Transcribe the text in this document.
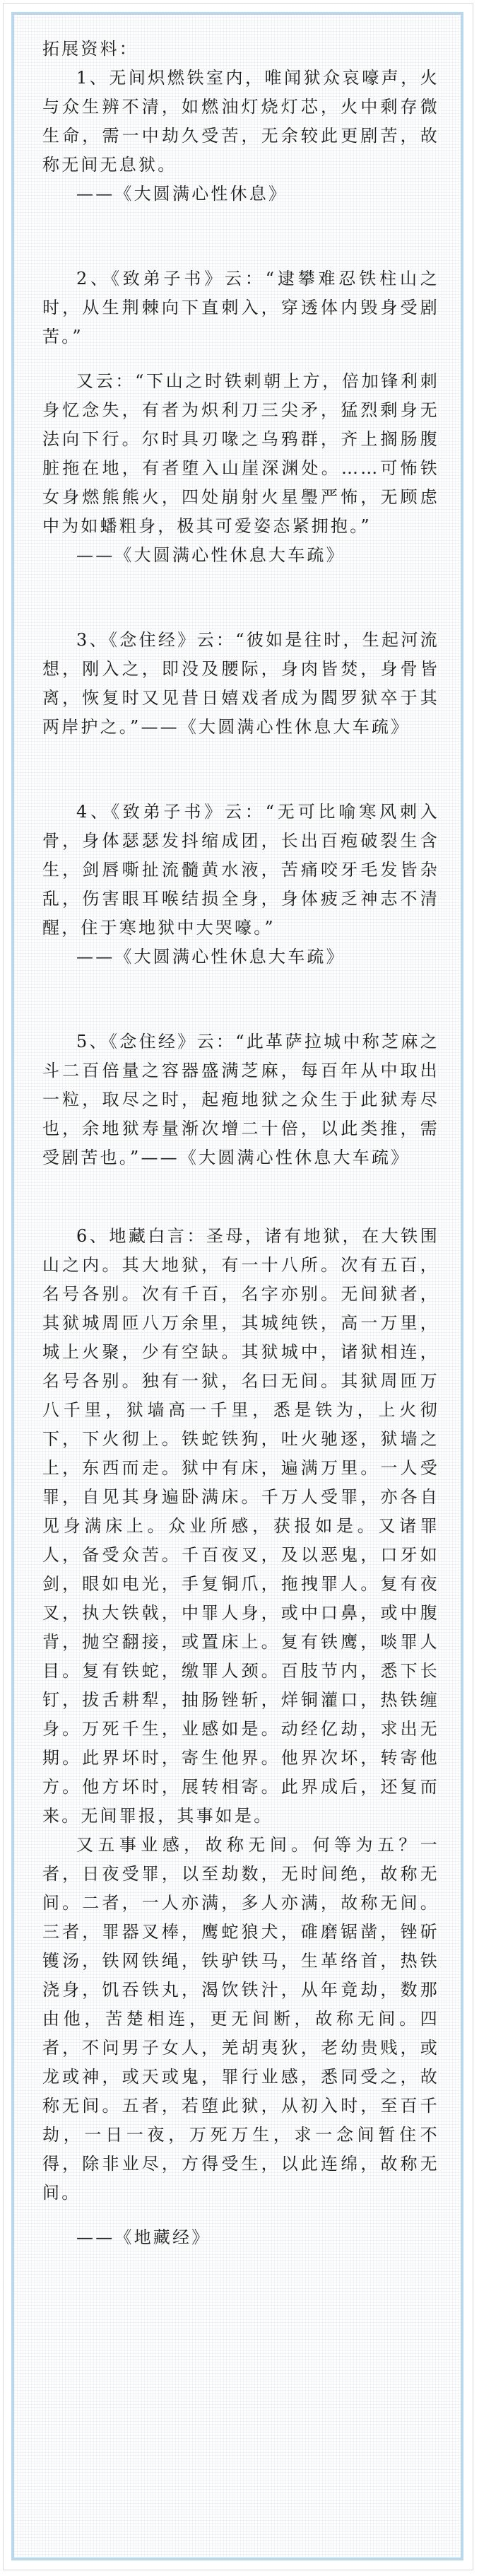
拓展资料：

1、无间炽燃铁室内，唯闻狱众哀嚎声，火与众生辨不清，如燃油灯烧灯芯，火中剩存微生命，需一中劫久受苦，无余较此更剧苦，故称无间无息狱。

——《大圆满心性休息》

2、《致弟子书》云：“逮攀难忍铁柱山之时，从生荆棘向下直刺入，穿透体内毁身受剧苦。”

又云：“下山之时铁剌朝上方，倍加锋利刺身忆念失，有者为炽利刀三尖矛，猛烈剩身无法向下行。尔时具刃喙之乌鸦群，齐上搁肠腹脏拖在地，有者堕入山崖深渊处。……可怖铁女身燃熊熊火，四处崩射火星璺严怖，无顾虑中为如蟠粗身，极其可爱姿态紧拥抱。”

——《大圆满心性休息大车疏》

3、《念住经》云：“彼如是往时，生起河流想，刚入之，即没及腰际，身肉皆焚，身骨皆离，恢复时又见昔日嬉戏者成为閻罗狱卒于其两岸护之。”——《大圆满心性休息大车疏》

4、《致弟子书》云：“无可比喻寒风刺入骨，身体瑟瑟发抖缩成团，长出百疱破裂生含生，剑唇嘶扯流髓黄水液，苦痛咬牙毛发皆杂乱，伤害眼耳喉结损全身，身体疲乏神志不清醒，住于寒地狱中大哭嚎。”

——《大圆满心性休息大车疏》

5、《念住经》云：“此革萨拉城中称芝麻之斗二百倍量之容器盛满芝麻，每百年从中取出一粒，取尽之时，起疱地狱之众生于此狱寿尽也，余地狱寿量渐次增二十倍，以此类推，需受剧苦也。”——《大圆满心性休息大车疏》

6、地藏白言：圣母，诸有地狱，在大铁围山之内。其大地狱，有一十八所。次有五百，名号各别。次有千百，名字亦别。无间狱者，其狱城周匝八万余里，其城纯铁，高一万里，城上火聚，少有空缺。其狱城中，诸狱相连，名号各别。独有一狱，名曰无间。其狱周匝万八千里，狱墙高一千里，悉是铁为，上火彻下，下火彻上。铁蛇铁狗，吐火驰逐，狱墙之上，东西而走。狱中有床，遍满万里。一人受罪，自见其身遍卧满床。千万人受罪，亦各自见身满床上。众业所感，获报如是。又诸罪人，备受众苦。千百夜叉，及以恶鬼，口牙如剑，眼如电光，手复铜爪，拖拽罪人。复有夜叉，执大铁戟，中罪人身，或中口鼻，或中腹背，抛空翻接，或置床上。复有铁鹰，啖罪人目。复有铁蛇，缴罪人颈。百肢节内，悉下长钉，拔舌耕犁，抽肠锉斩，烊铜灌口，热铁缠身。万死千生，业感如是。动经亿劫，求出无期。此界坏时，寄生他界。他界次坏，转寄他方。他方坏时，展转相寄。此界成后，还复而来。无间罪报，其事如是。

又五事业感，故称无间。何等为五？一者，日夜受罪，以至劫数，无时间绝，故称无间。二者，一人亦满，多人亦满，故称无间。三者，罪器叉棒，鹰蛇狼犬，碓磨锯凿，锉斫镬汤，铁网铁绳，铁驴铁马，生革络首，热铁浇身，饥吞铁丸，渴饮铁汁，从年竟劫，数那由他，苦楚相连，更无间断，故称无间。四者，不问男子女人，羌胡夷狄，老幼贵贱，或龙或神，或天或鬼，罪行业感，悉同受之，故称无间。五者，若堕此狱，从初入时，至百千劫，一日一夜，万死万生，求一念间暂住不得，除非业尽，方得受生，以此连绵，故称无间。

——《地藏经》
